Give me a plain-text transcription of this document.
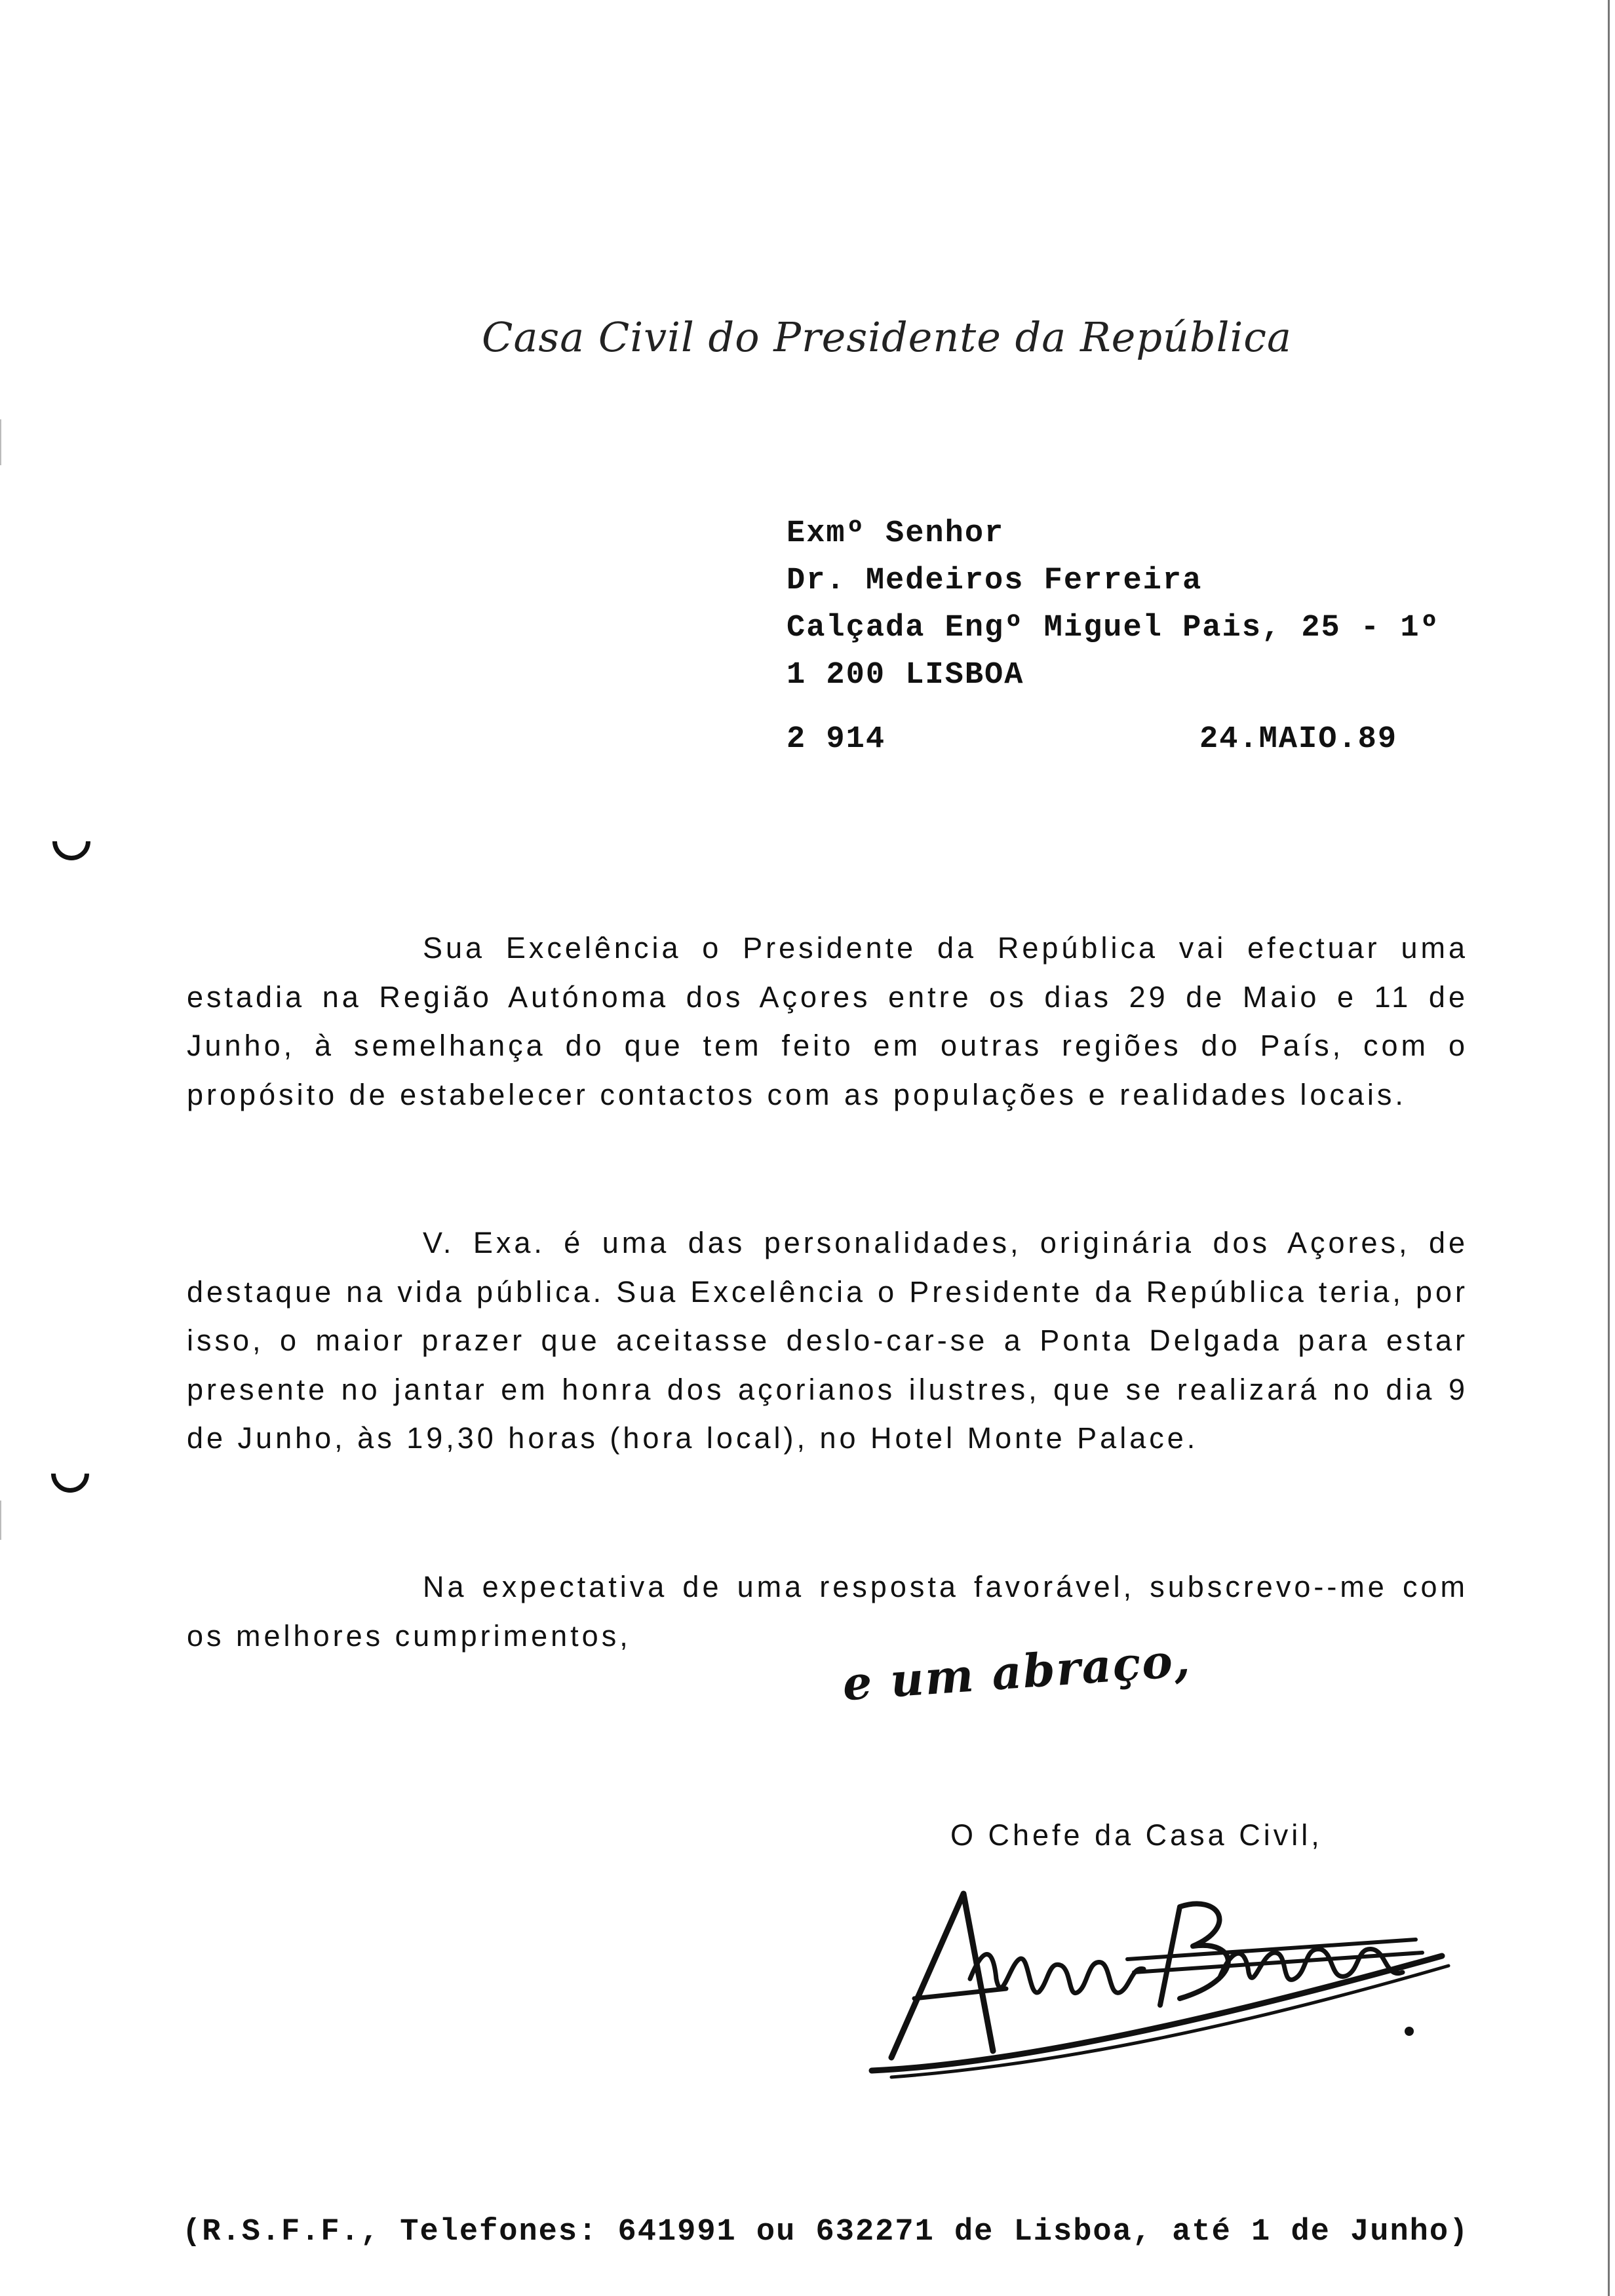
Casa Civil do Presidente da República
Exmº Senhor
Dr. Medeiros Ferreira
Calçada Engº Miguel Pais, 25 - 1º
1 200 LISBOA
2 914	24.MAIO.89
Sua Excelência o Presidente da República vai efectuar uma estadia na Região Autónoma dos Açores entre os dias 29 de Maio e 11 de Junho, à semelhança do que tem feito em outras regiões do País, com o propósito de estabelecer contactos com as populações e realidades locais.
V. Exa. é uma das personalidades, originária dos Açores, de destaque na vida pública. Sua Excelência o Presidente da República teria, por isso, o maior prazer que aceitasse deslo-car-se a Ponta Delgada para estar presente no jantar em honra dos açorianos ilustres, que se realizará no dia 9 de Junho, às 19,30 horas (hora local), no Hotel Monte Palace.
Na expectativa de uma resposta favorável, subscrevo--me com os melhores cumprimentos,	e um abraço,
O Chefe da Casa Civil,
(R.S.F.F., Telefones: 641991 ou 632271 de Lisboa, até 1 de Junho)
